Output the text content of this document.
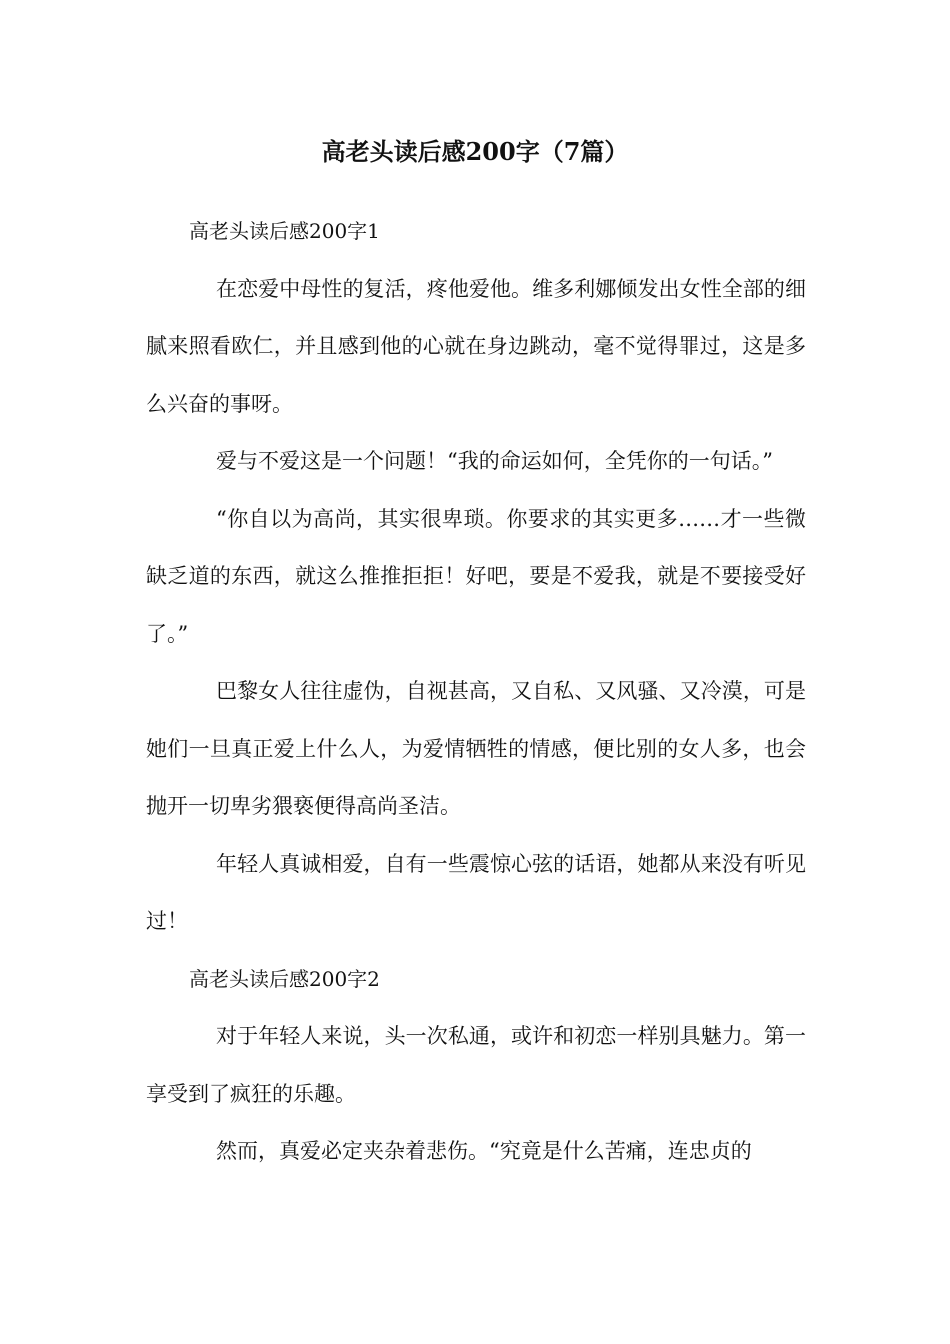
高老头读后感200字（7篇）

高老头读后感200字1

在恋爱中母性的复活，疼他爱他。维多利娜倾发出女性全部的细腻来照看欧仁，并且感到他的心就在身边跳动，毫不觉得罪过，这是多么兴奋的事呀。

爱与不爱这是一个问题！“我的命运如何，全凭你的一句话。”

“你自以为高尚，其实很卑琐。你要求的其实更多……才一些微缺乏道的东西，就这么推推拒拒！好吧，要是不爱我，就是不要接受好了。”

巴黎女人往往虚伪，自视甚高，又自私、又风骚、又冷漠，可是她们一旦真正爱上什么人，为爱情牺牲的情感，便比别的女人多，也会抛开一切卑劣猥亵便得高尚圣洁。

年轻人真诚相爱，自有一些震惊心弦的话语，她都从来没有听见过！

高老头读后感200字2

对于年轻人来说，头一次私通，或许和初恋一样别具魅力。第一享受到了疯狂的乐趣。

然而，真爱必定夹杂着悲伤。“究竟是什么苦痛，连忠贞的
